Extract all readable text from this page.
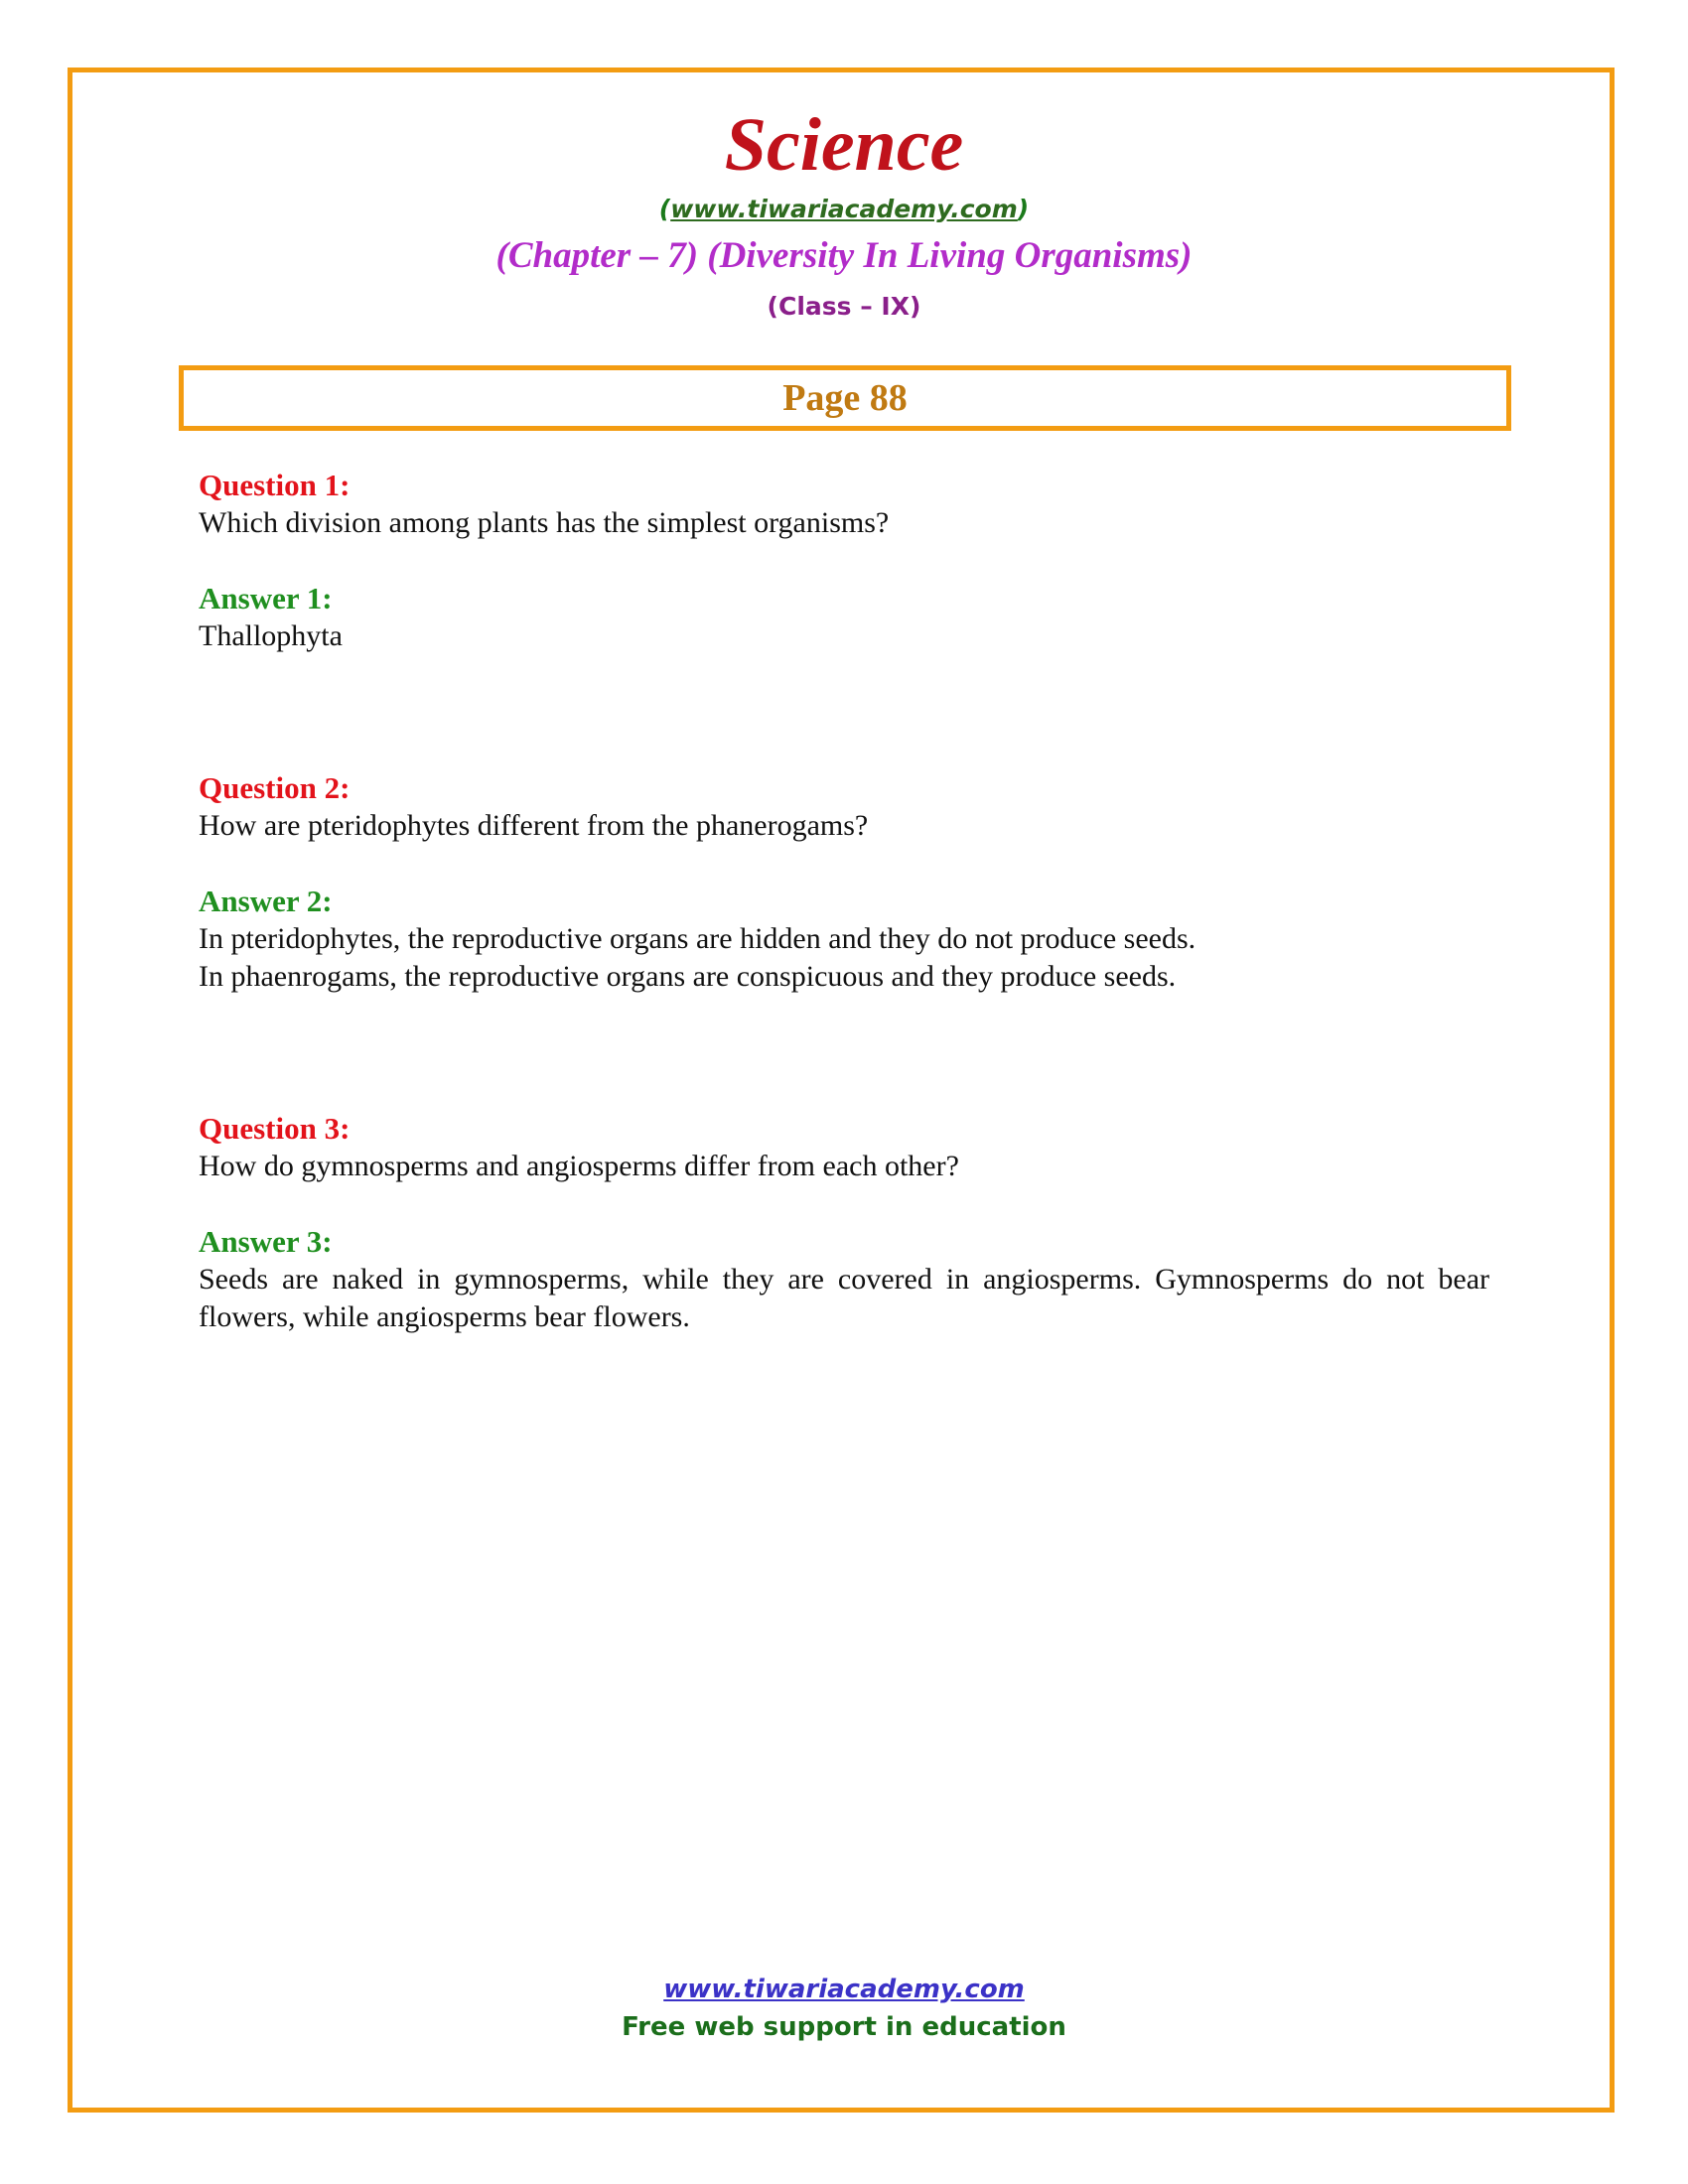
Science
(www.tiwariacademy.com)
(Chapter – 7) (Diversity In Living Organisms)
(Class – IX)
Page 88
Question 1:

Which division among plants has the simplest organisms?

Answer 1:

Thallophyta

Question 2:

How are pteridophytes different from the phanerogams?

Answer 2:

In pteridophytes, the reproductive organs are hidden and they do not produce seeds.

In phaenrogams, the reproductive organs are conspicuous and they produce seeds.

Question 3:

How do gymnosperms and angiosperms differ from each other?

Answer 3:

Seeds are naked in gymnosperms, while they are covered in angiosperms. Gymnosperms do not bear flowers, while angiosperms bear flowers.

www.tiwariacademy.com
Free web support in education
